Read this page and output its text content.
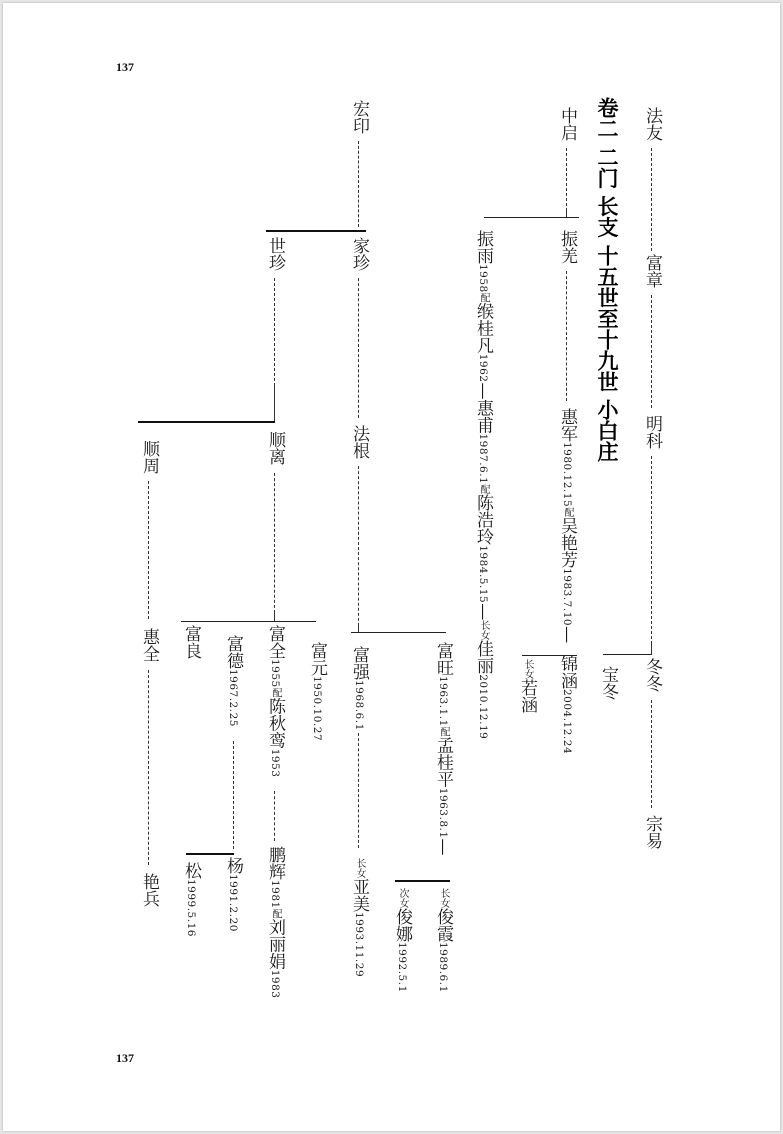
137
137
卷二 二门 长支 十五世至十九世 小白庄 法友
富章
明科
冬冬
宗易
宝冬
中启
振羌
惠军1980.12.15配吴艳芳1983.7.10—
锦涵2004.12.24
长女若涵
振雨1958配缑桂凡1962—惠甫1987.6.1配陈浩玲1984.5.15—长女佳丽2010.12.19
宏印
家珍
法根
富强1968.6.1
长女亚美1993.11.29
富旺1963.1.1配孟桂平1963.8.1—
长女俊霞1989.6.1
次女俊娜1992.5.1
世珍
顺离
富全1955配陈秋鸾1953
鹏辉1981配刘丽娟1983
富元1950.10.27
富德1967.2.25
杨1991.2.20
富良
松1999.5.16
顺周
惠全
艳兵
